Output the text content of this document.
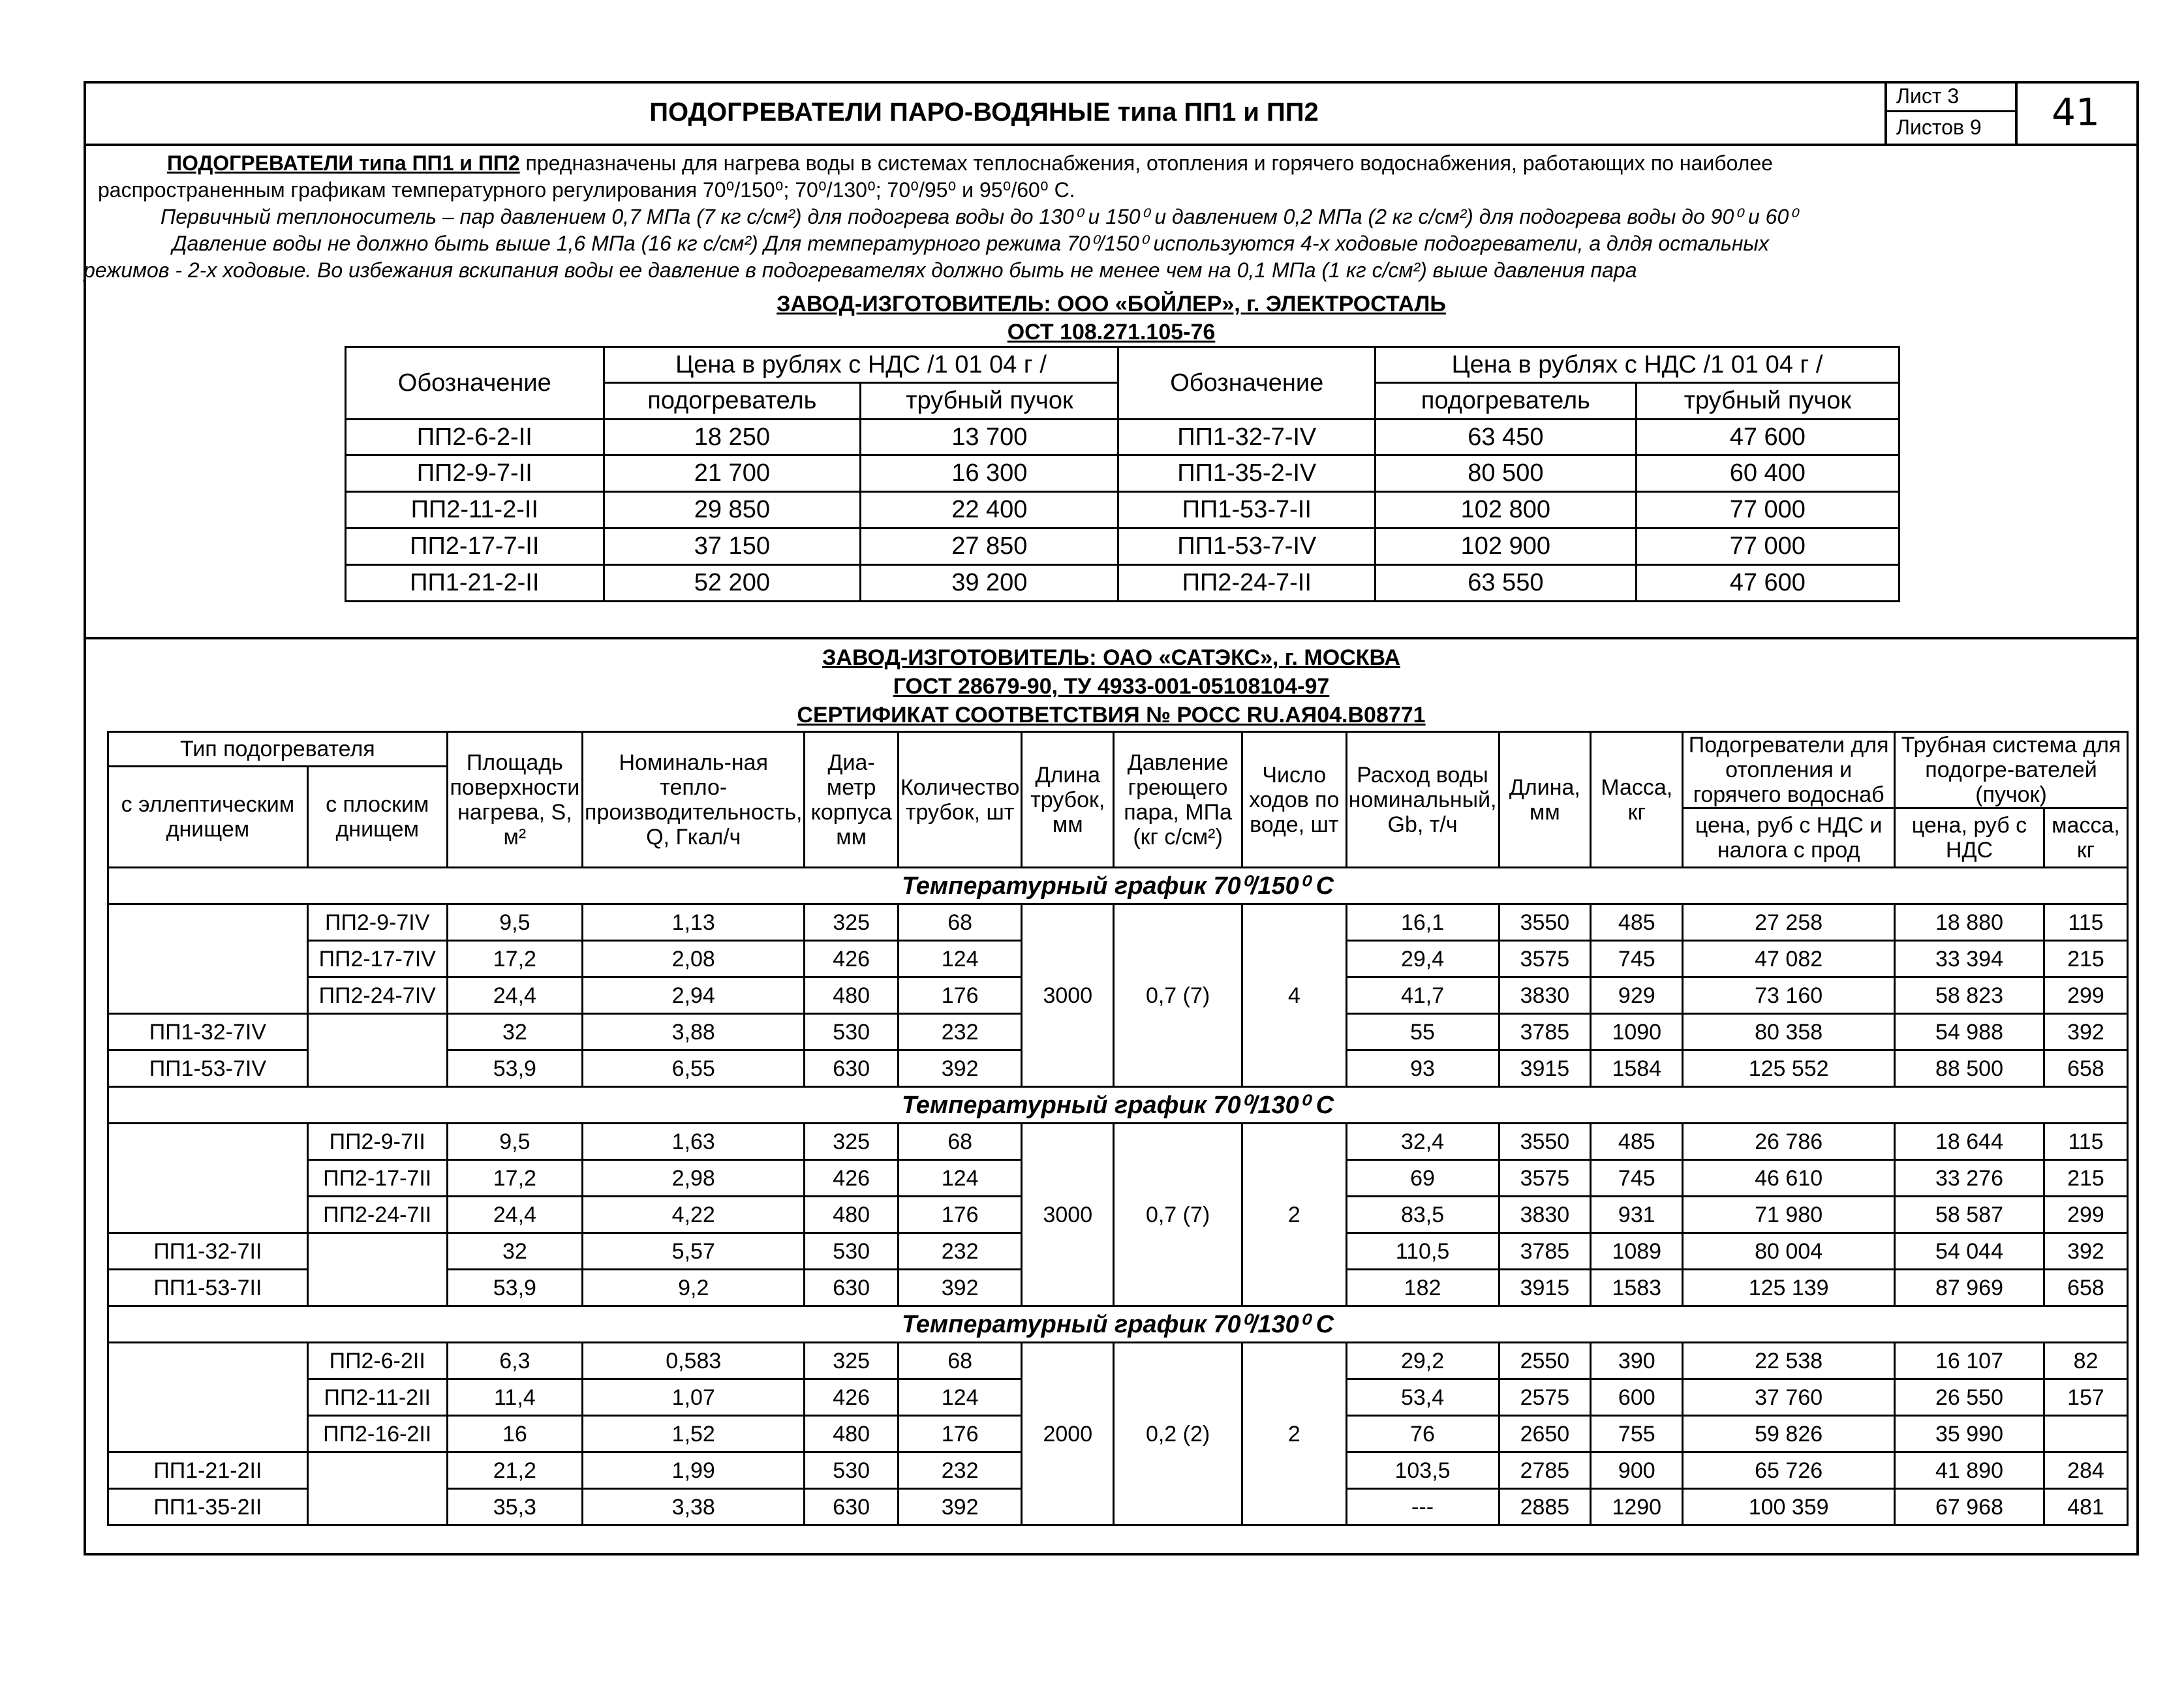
ПОДОГРЕВАТЕЛИ ПАРО-ВОДЯНЫЕ типа ПП1 и ПП2
Лист 3
Листов 9	41

ПОДОГРЕВАТЕЛИ типа ПП1 и ПП2 предназначены для нагрева воды в системах теплоснабжения, отопления и горячего водоснабжения, работающих по наиболее

распространенным графикам температурного регулирования 70⁰/150⁰; 70⁰/130⁰; 70⁰/95⁰ и 95⁰/60⁰ С.

Первичный теплоноситель – пар давлением 0,7 МПа (7 кг с/см²) для подогрева воды до 130⁰ и 150⁰ и давлением 0,2 МПа (2 кг с/см²) для подогрева воды до 90⁰ и 60⁰

Давление воды не должно быть выше 1,6 МПа (16 кг с/см²) Для температурного режима 70⁰/150⁰ используются 4-х ходовые подогреватели, а длдя остальных

режимов - 2-х ходовые. Во избежания вскипания воды ее давление в подогревателях должно быть не менее чем на 0,1 МПа (1 кг с/см²) выше давления пара

ЗАВОД-ИЗГОТОВИТЕЛЬ: ООО «БОЙЛЕР», г. ЭЛЕКТРОСТАЛЬ
ОСТ 108.271.105-76
Обозначение	Цена в рублях с НДС /1 01 04 г /		Обозначение	Цена в рублях с НДС /1 01 04 г /	
	подогреватель	трубный пучок		подогреватель	трубный пучок
ПП2-6-2-II	18 250	13 700	ПП1-32-7-IV	63 450	47 600
ПП2-9-7-II	21 700	16 300	ПП1-35-2-IV	80 500	60 400
ПП2-11-2-II	29 850	22 400	ПП1-53-7-II	102 800	77 000
ПП2-17-7-II	37 150	27 850	ПП1-53-7-IV	102 900	77 000
ПП1-21-2-II	52 200	39 200	ПП2-24-7-II	63 550	47 600
ЗАВОД-ИЗГОТОВИТЕЛЬ: ОАО «САТЭКС», г. МОСКВА
ГОСТ 28679-90, ТУ 4933-001-05108104-97
СЕРТИФИКАТ СООТВЕТСТВИЯ № РОСС RU.АЯ04.В08771
Тип подогревателя		Площадь поверхности нагрева, S, м²	Номиналь-ная тепло-производительность, Q, Гкал/ч	Диа-метр корпуса мм	Количество трубок, шт	Длина трубок, мм	Давление греющего пара, МПа (кг с/см²)	Число ходов по воде, шт	Расход воды номинальный, Gb, т/ч	Длина, мм	Масса, кг	Подогреватели для отопления и горячего водоснаб	Трубная система для подогре-вателей (пучок)	
с эллептическим днищем	с плоским днищем													
												цена, руб с НДС и налога с прод	цена, руб с НДС	масса, кг
Температурный график 70⁰/150⁰ С														
	ПП2-9-7IV	9,5	1,13	325	68	3000	0,7 (7)	4	16,1	3550	485	27 258	18 880	115
	ПП2-17-7IV	17,2	2,08	426	124				29,4	3575	745	47 082	33 394	215
	ПП2-24-7IV	24,4	2,94	480	176				41,7	3830	929	73 160	58 823	299
ПП1-32-7IV		32	3,88	530	232				55	3785	1090	80 358	54 988	392
ПП1-53-7IV		53,9	6,55	630	392				93	3915	1584	125 552	88 500	658
Температурный график 70⁰/130⁰ С														
	ПП2-9-7II	9,5	1,63	325	68	3000	0,7 (7)	2	32,4	3550	485	26 786	18 644	115
	ПП2-17-7II	17,2	2,98	426	124				69	3575	745	46 610	33 276	215
	ПП2-24-7II	24,4	4,22	480	176				83,5	3830	931	71 980	58 587	299
ПП1-32-7II		32	5,57	530	232				110,5	3785	1089	80 004	54 044	392
ПП1-53-7II		53,9	9,2	630	392				182	3915	1583	125 139	87 969	658
Температурный график 70⁰/130⁰ С														
	ПП2-6-2II	6,3	0,583	325	68	2000	0,2 (2)	2	29,2	2550	390	22 538	16 107	82
	ПП2-11-2II	11,4	1,07	426	124				53,4	2575	600	37 760	26 550	157
	ПП2-16-2II	16	1,52	480	176				76	2650	755	59 826	35 990	
ПП1-21-2II		21,2	1,99	530	232				103,5	2785	900	65 726	41 890	284
ПП1-35-2II		35,3	3,38	630	392				---	2885	1290	100 359	67 968	481
